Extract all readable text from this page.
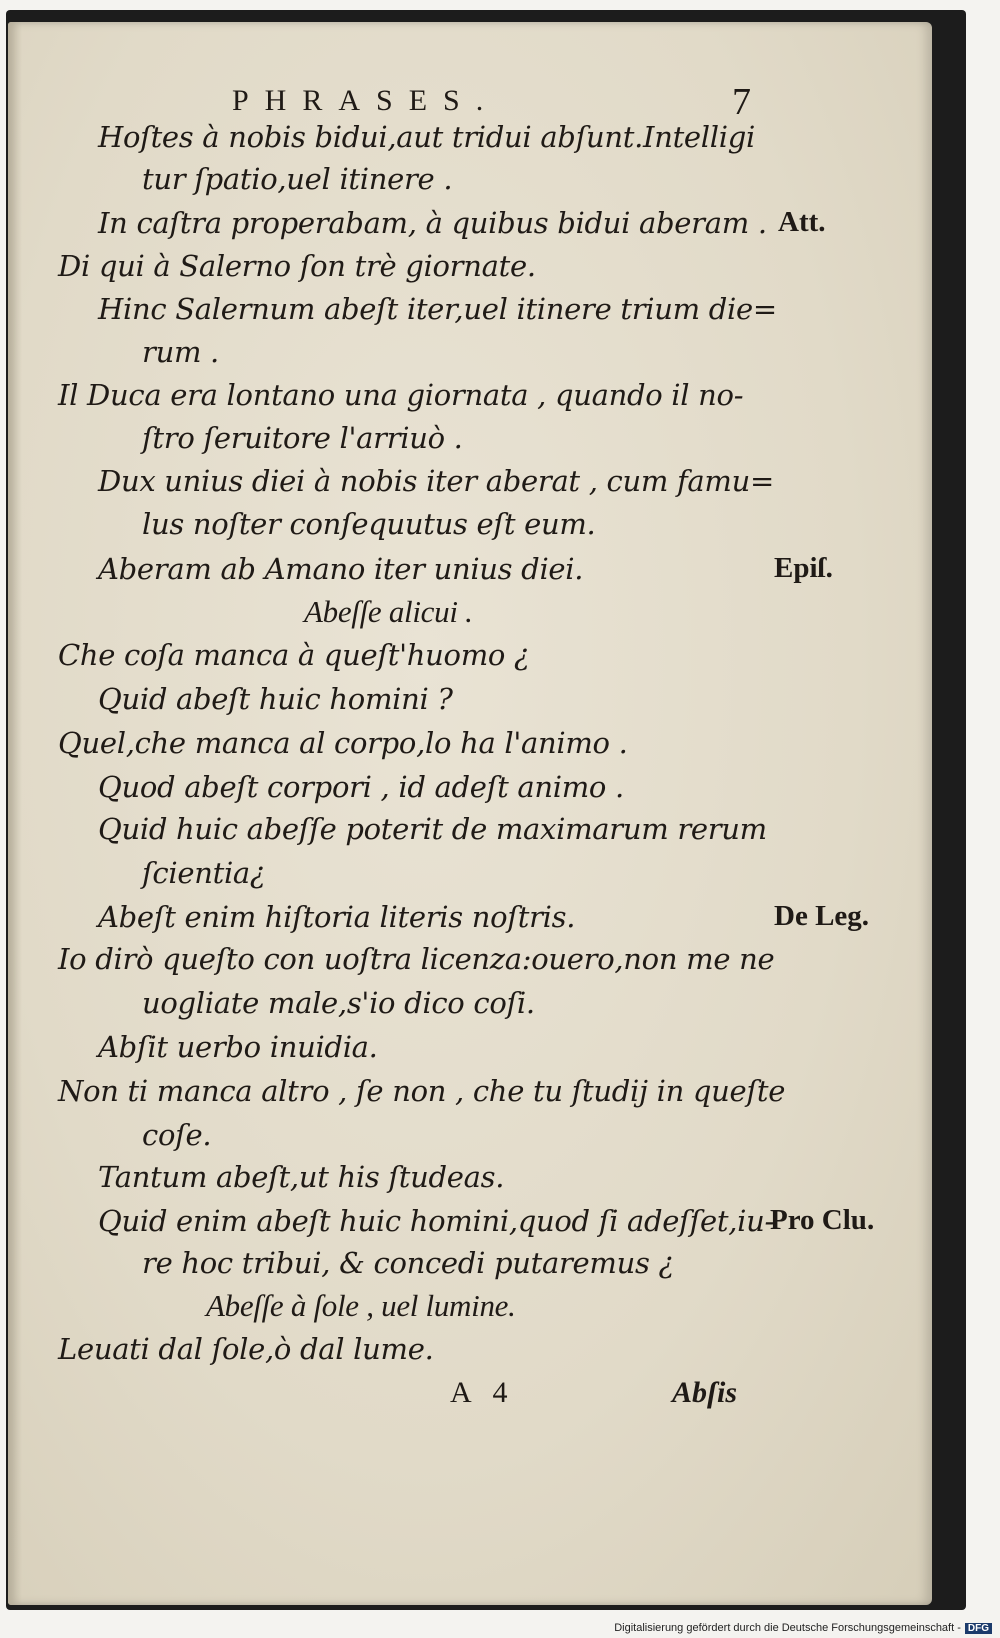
PHRASES.	7
Hoſtes à nobis bidui,aut tridui abſunt.Intelligi
tur ſpatio,uel itinere .
In caſtra properabam, à quibus bidui aberam .
Di qui à Salerno ſon trè giornate.
Hinc Salernum abeſt iter,uel itinere trium die=
rum .
Il Duca era lontano una giornata , quando il no-
ſtro ſeruitore l'arriuò .
Dux unius diei à nobis iter aberat , cum famu=
lus noſter conſequutus eſt eum.
Aberam ab Amano iter unius diei.
Abeſſe alicui .
Che coſa manca à queſt'huomo ¿
Quid abeſt huic homini ?
Quel,che manca al corpo,lo ha l'animo .
Quod abeſt corpori , id adeſt animo .
Quid huic abeſſe poterit de maximarum rerum
ſcientia¿
Abeſt enim hiſtoria literis noſtris.
Io dirò queſto con uoſtra licenza:ouero,non me ne
uogliate male,s'io dico coſi.
Abſit uerbo inuidia.
Non ti manca altro , ſe non , che tu ſtudij in queſte
coſe.
Tantum abeſt,ut his ſtudeas.
Quid enim abeſt huic homini,quod ſi adeſſet,iu-
re hoc tribui, & concedi putaremus ¿
Abeſſe à ſole , uel lumine.
Leuati dal ſole,ò dal lume.
Att.
Epiſ.
De Leg.
Pro Clu.
A   4	Abſis
Digitalisierung gefördert durch die Deutsche Forschungsgemeinschaft - DFG
